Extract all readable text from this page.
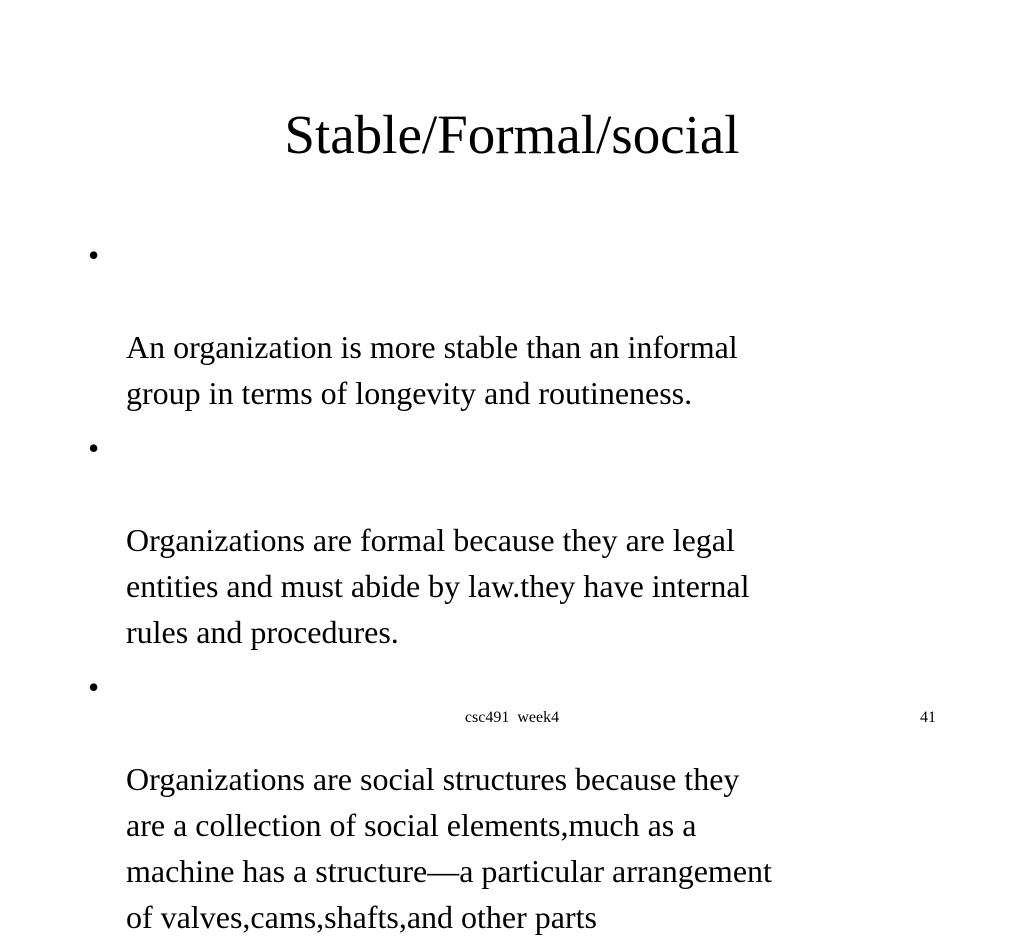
Stable/Formal/social

•

An organization is more stable than an informal
group in terms of longevity and routineness.

•

Organizations are formal because they are legal
entities and must abide by law.they have internal
rules and procedures.

•

Organizations are social structures because they
are a collection of social elements,much as a
machine has a structure—a particular arrangement
of valves,cams,shafts,and other parts

csc491  week4	41
